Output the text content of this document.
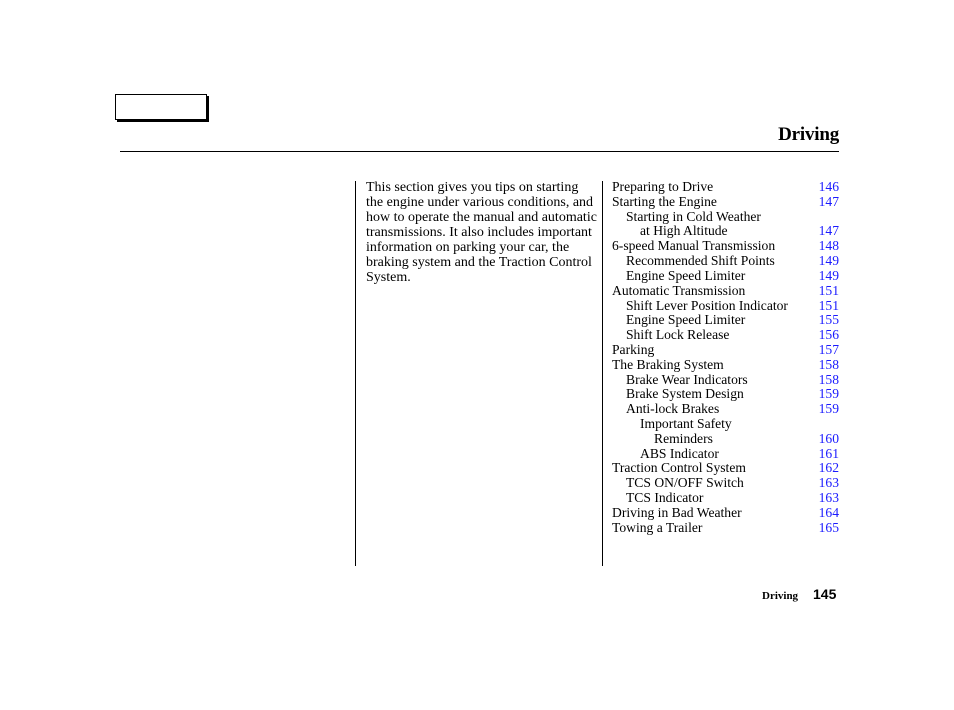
Driving
This section gives you tips on starting the engine under various conditions, and how to operate the manual and automatic transmissions. It also includes important information on parking your car, the braking system and the Traction Control System.
Preparing to Drive	146
Starting the Engine	147
Starting in Cold Weather
at High Altitude	147
6-speed Manual Transmission	148
Recommended Shift Points	149
Engine Speed Limiter	149
Automatic Transmission	151
Shift Lever Position Indicator 151
Engine Speed Limiter	155
Shift Lock Release	156
Parking	157
The Braking System	158
Brake Wear Indicators	158
Brake System Design	159
Anti-lock Brakes	159
Important Safety
Reminders	160
ABS Indicator	161
Traction Control System	162
TCS ON/OFF Switch	163
TCS Indicator	163
Driving in Bad Weather	164
Towing a Trailer	165
Driving 145
